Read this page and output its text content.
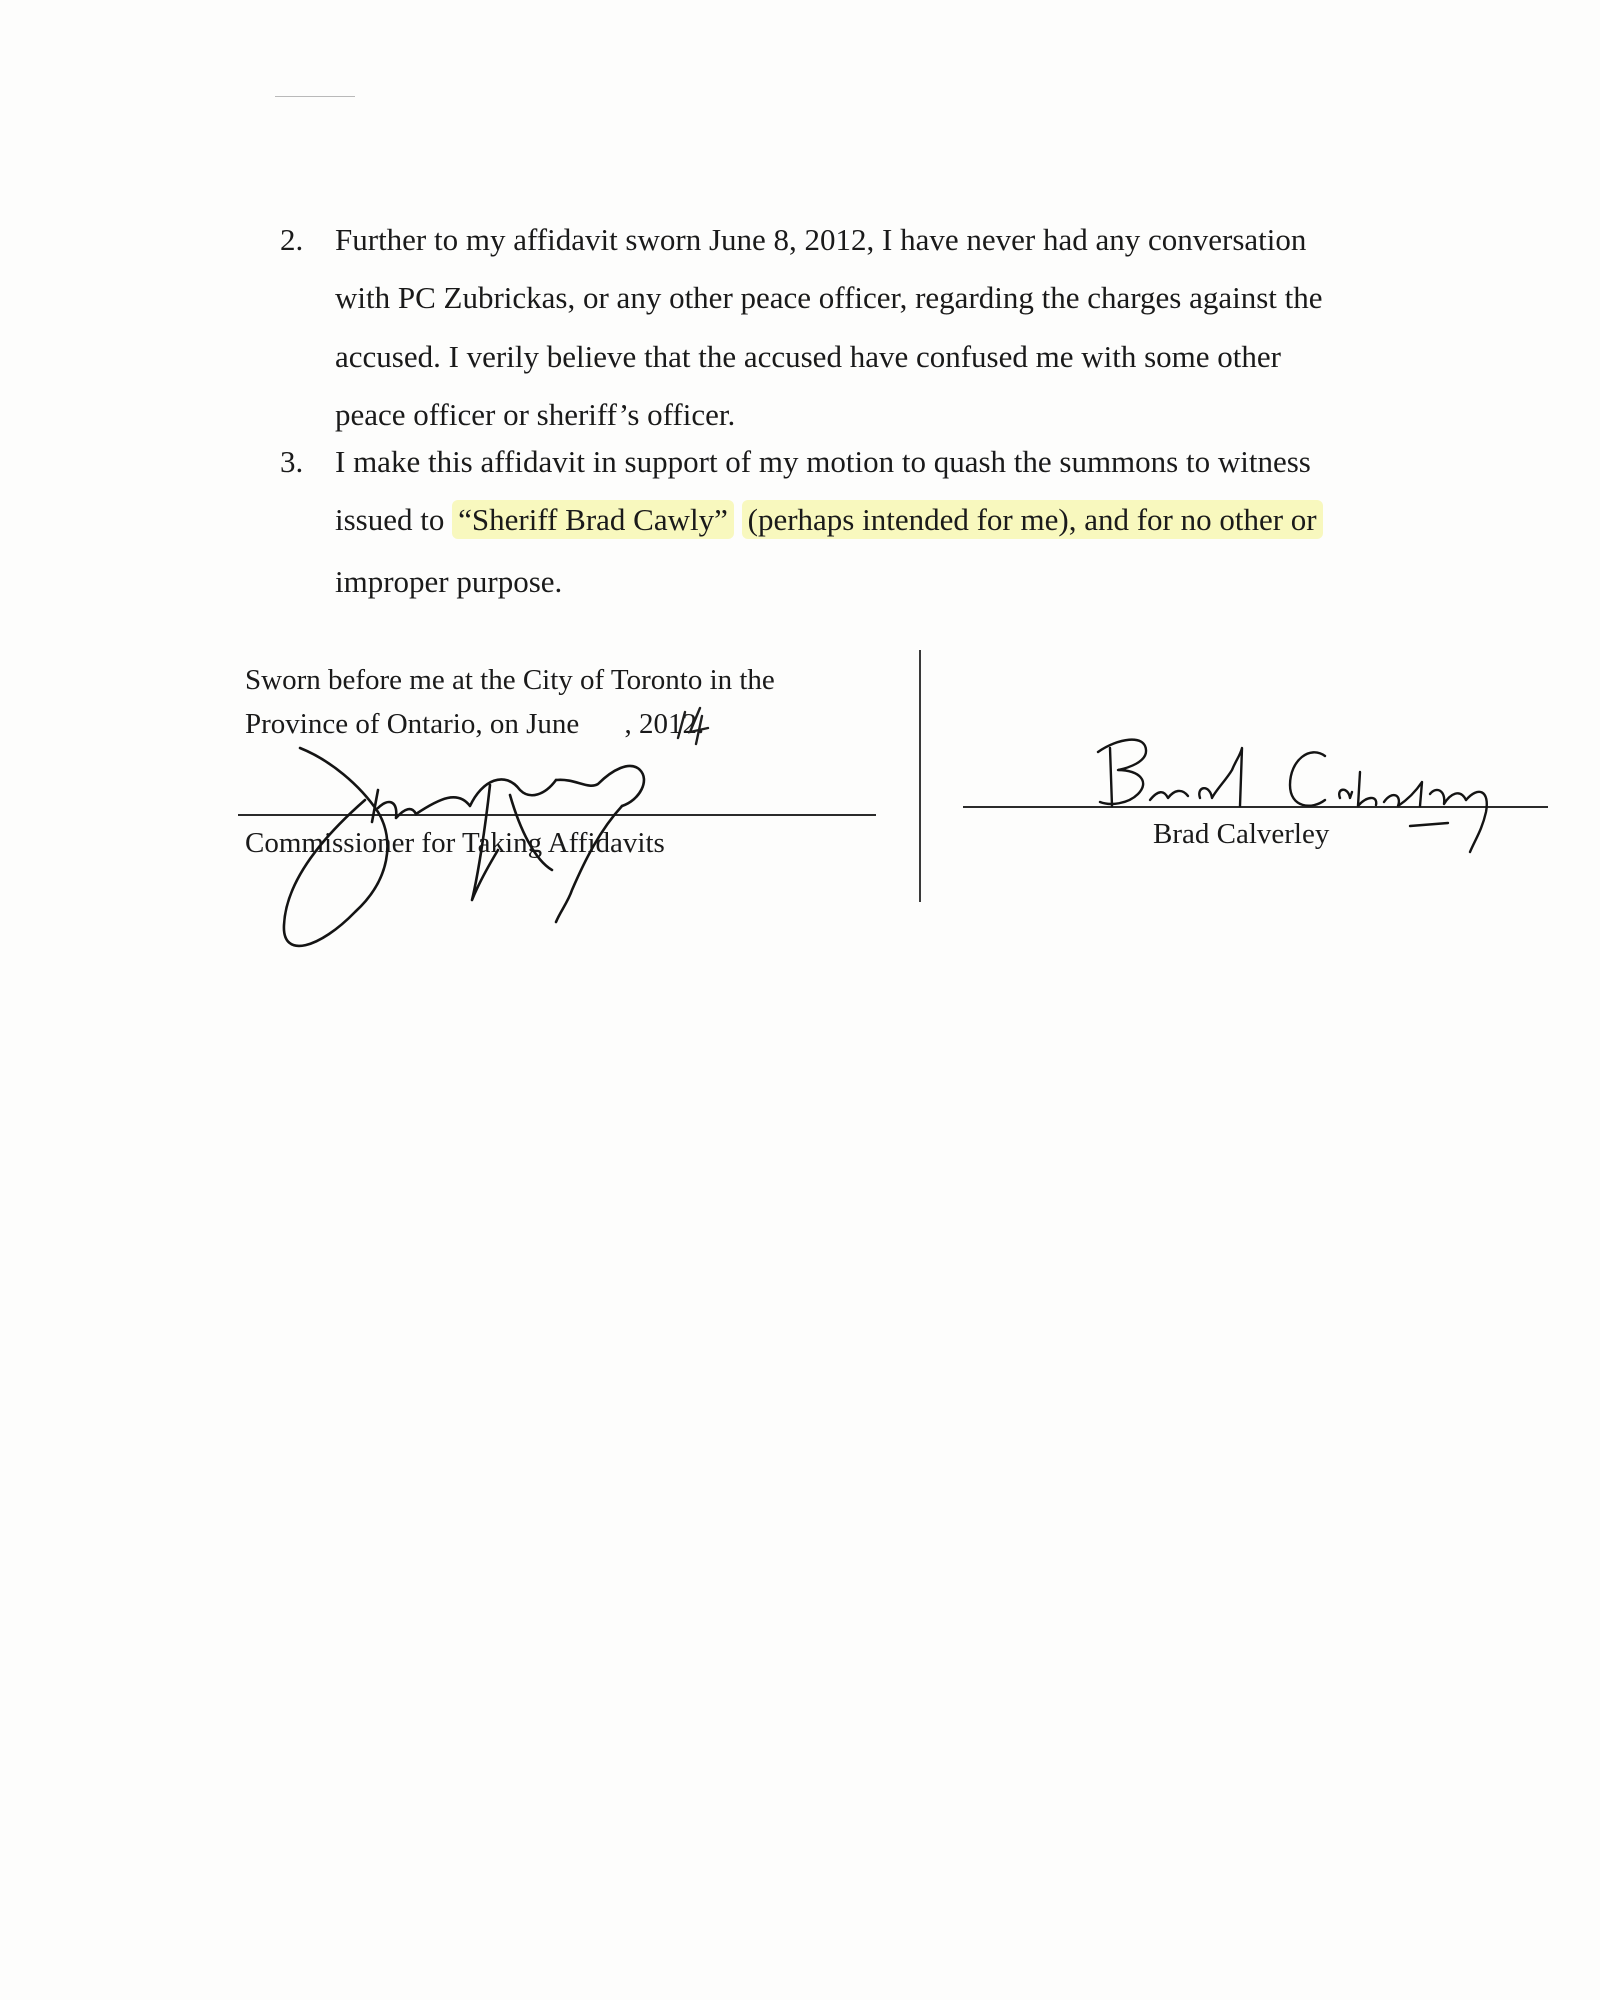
2. Further to my affidavit sworn June 8, 2012, I have never had any conversation
with PC Zubrickas, or any other peace officer, regarding the charges against the
accused. I verily believe that the accused have confused me with some other
peace officer or sheriff’s officer.
3. I make this affidavit in support of my motion to quash the summons to witness
issued to “Sheriff Brad Cawly” (perhaps intended for me), and for no other or
improper purpose.
Sworn before me at the City of Toronto in the
Province of Ontario, on June , 2012.
Commissioner for Taking Affidavits	Brad Calverley
